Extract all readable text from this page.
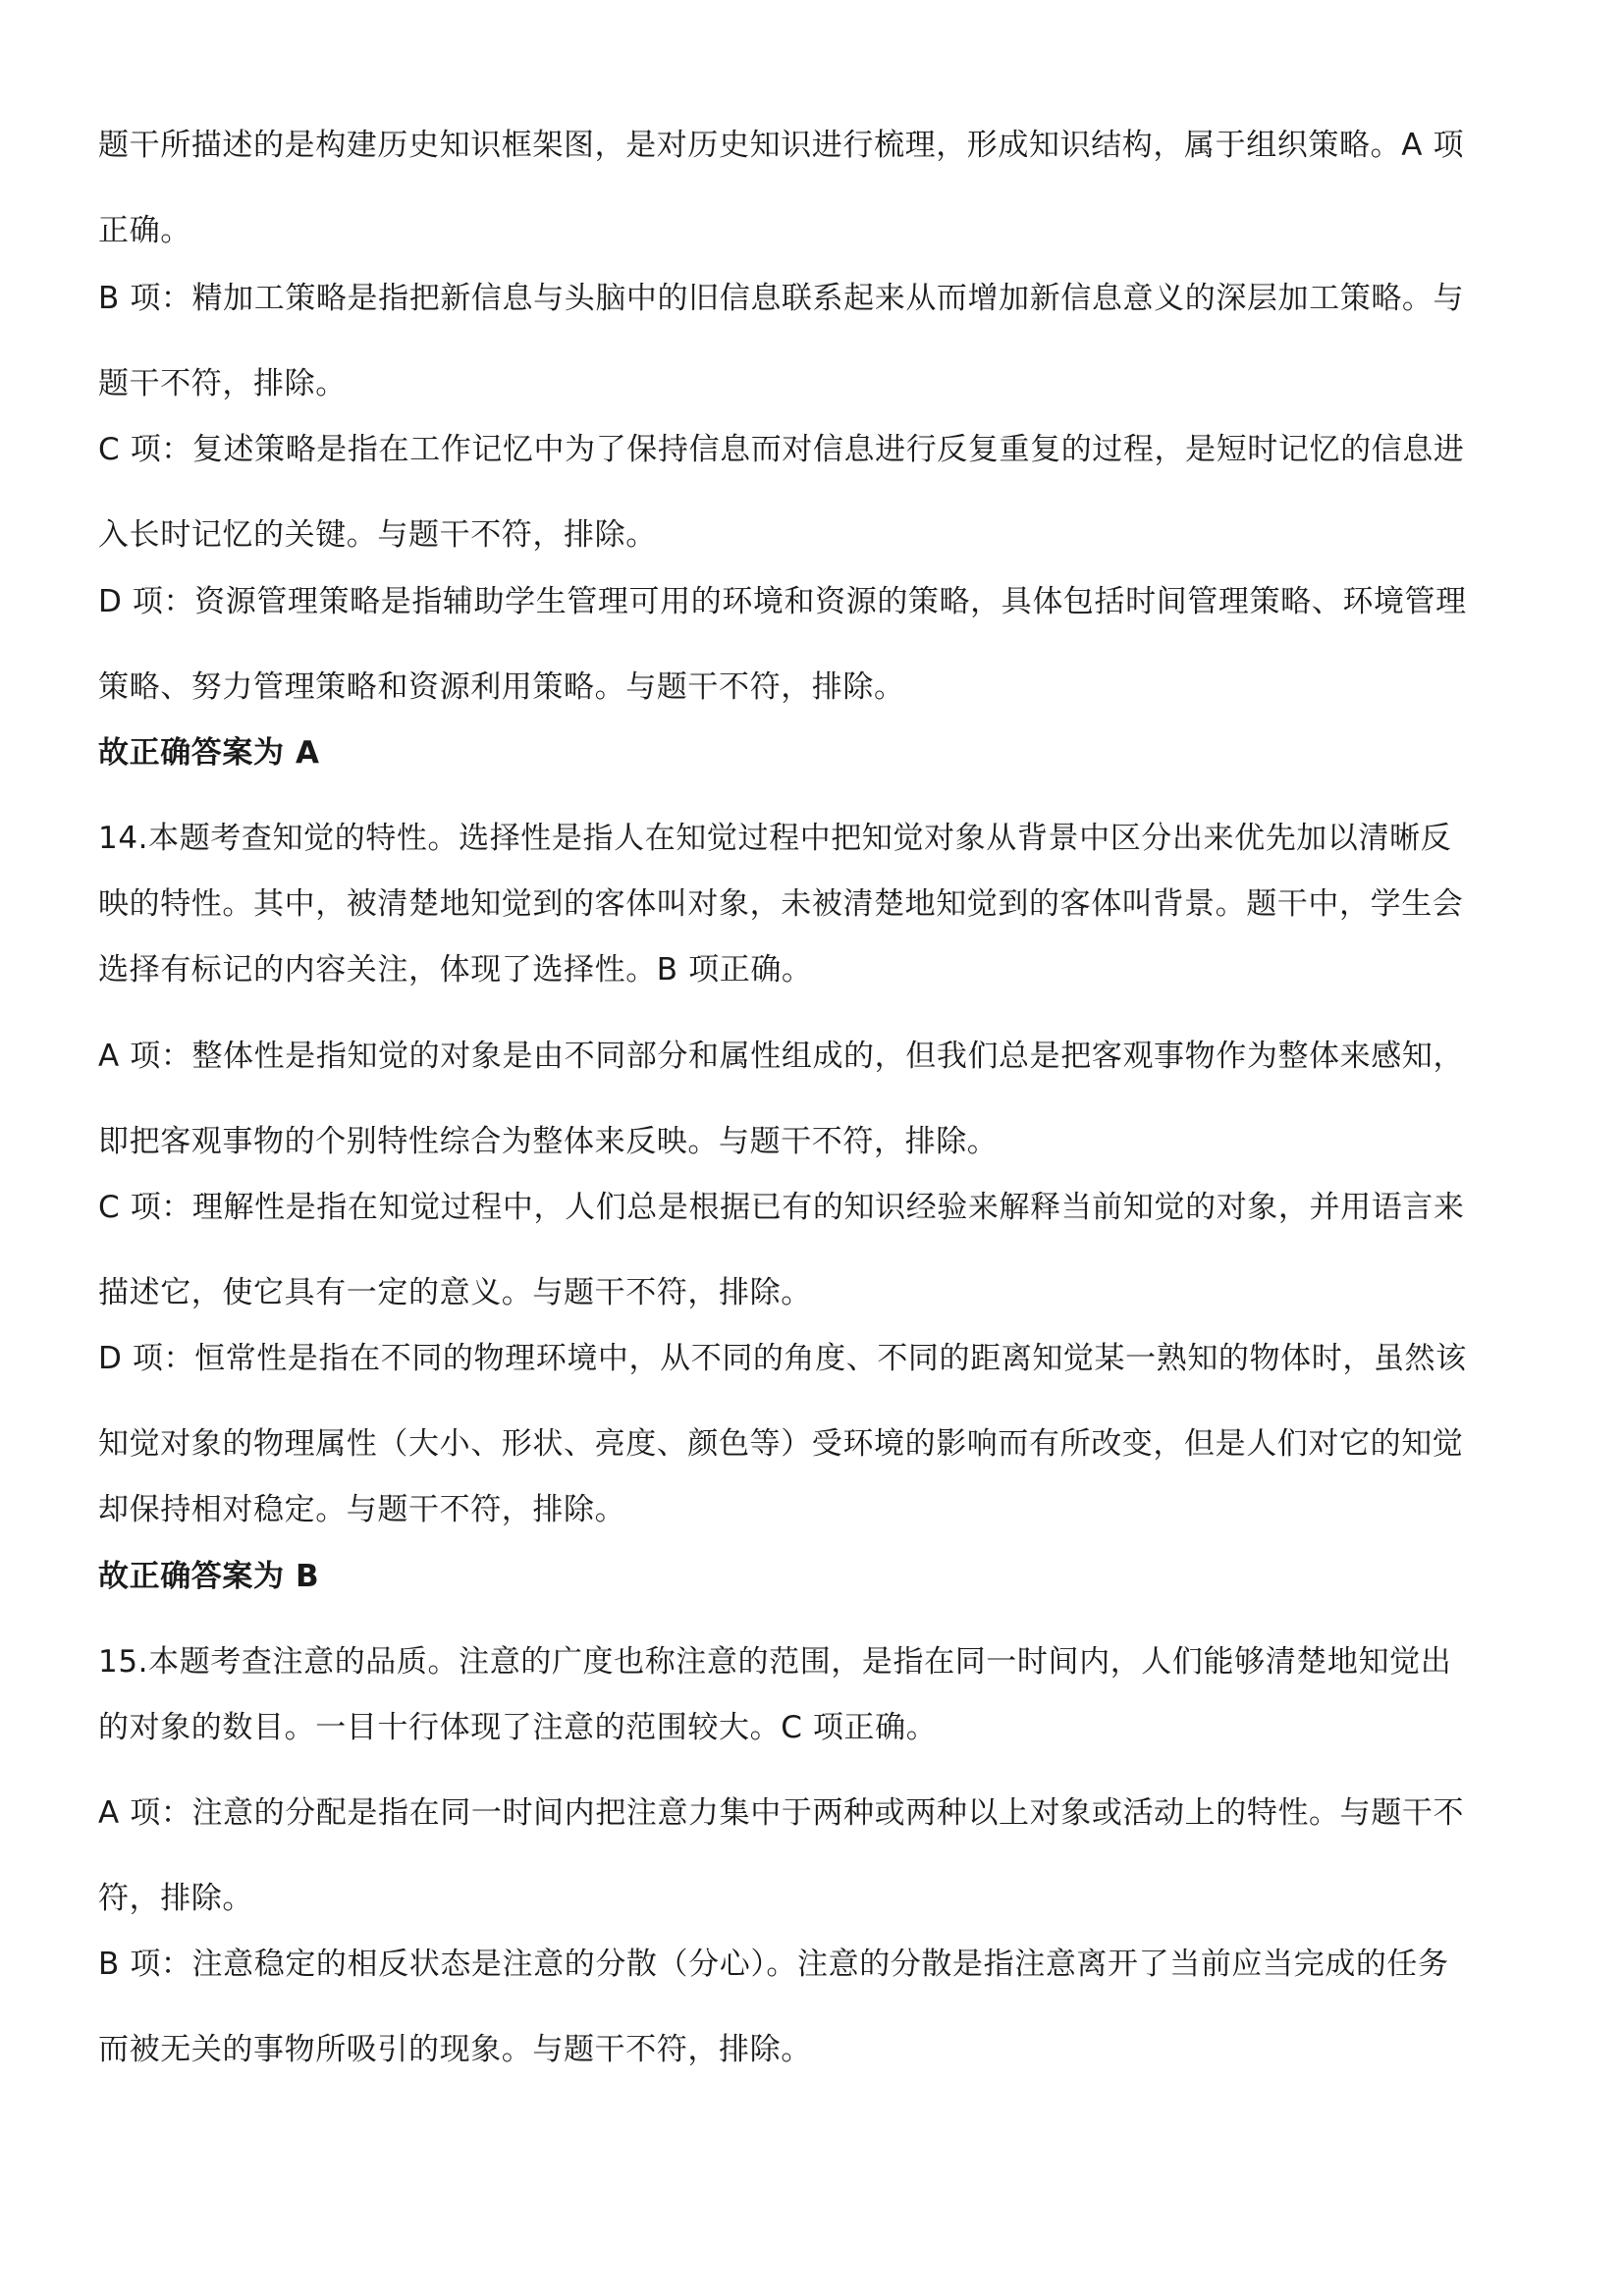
题干所描述的是构建历史知识框架图，是对历史知识进行梳理，形成知识结构，属于组织策略。A 项
正确。
B 项：精加工策略是指把新信息与头脑中的旧信息联系起来从而增加新信息意义的深层加工策略。与
题干不符，排除。
C 项：复述策略是指在工作记忆中为了保持信息而对信息进行反复重复的过程，是短时记忆的信息进
入长时记忆的关键。与题干不符，排除。
D 项：资源管理策略是指辅助学生管理可用的环境和资源的策略，具体包括时间管理策略、环境管理
策略、努力管理策略和资源利用策略。与题干不符，排除。
故正确答案为 A
14.本题考查知觉的特性。选择性是指人在知觉过程中把知觉对象从背景中区分出来优先加以清晰反
映的特性。其中，被清楚地知觉到的客体叫对象，未被清楚地知觉到的客体叫背景。题干中，学生会
选择有标记的内容关注，体现了选择性。B 项正确。
A 项：整体性是指知觉的对象是由不同部分和属性组成的，但我们总是把客观事物作为整体来感知，
即把客观事物的个别特性综合为整体来反映。与题干不符，排除。
C 项：理解性是指在知觉过程中，人们总是根据已有的知识经验来解释当前知觉的对象，并用语言来
描述它，使它具有一定的意义。与题干不符，排除。
D 项：恒常性是指在不同的物理环境中，从不同的角度、不同的距离知觉某一熟知的物体时，虽然该
知觉对象的物理属性（大小、形状、亮度、颜色等）受环境的影响而有所改变，但是人们对它的知觉
却保持相对稳定。与题干不符，排除。
故正确答案为 B
15.本题考查注意的品质。注意的广度也称注意的范围，是指在同一时间内，人们能够清楚地知觉出
的对象的数目。一目十行体现了注意的范围较大。C 项正确。
A 项：注意的分配是指在同一时间内把注意力集中于两种或两种以上对象或活动上的特性。与题干不
符，排除。
B 项：注意稳定的相反状态是注意的分散（分心）。注意的分散是指注意离开了当前应当完成的任务
而被无关的事物所吸引的现象。与题干不符，排除。
